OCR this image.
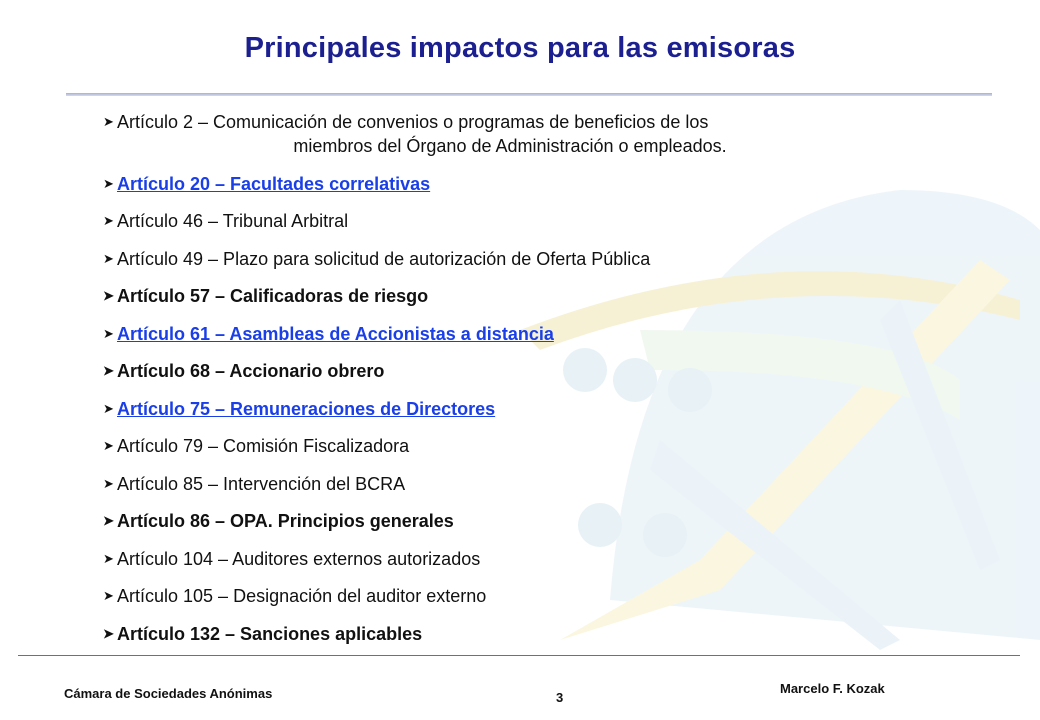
Principales impactos para las emisoras
➤ Artículo 2 – Comunicación de convenios o programas de beneficios de los
miembros del Órgano de Administración o empleados.
➤ Artículo 20 – Facultades correlativas
➤ Artículo 46 – Tribunal Arbitral
➤ Artículo 49 – Plazo para solicitud de autorización de Oferta Pública
➤ Artículo 57 – Calificadoras de riesgo
➤ Artículo 61 – Asambleas de Accionistas a distancia
➤ Artículo 68 – Accionario obrero
➤ Artículo 75 – Remuneraciones de Directores
➤ Artículo 79 – Comisión Fiscalizadora
➤ Artículo 85 – Intervención del BCRA
➤ Artículo 86 – OPA. Principios generales
➤ Artículo 104 – Auditores externos autorizados
➤ Artículo 105 – Designación del auditor externo
➤ Artículo 132 – Sanciones aplicables
Cámara de Sociedades Anónimas	3
Marcelo F. Kozak
